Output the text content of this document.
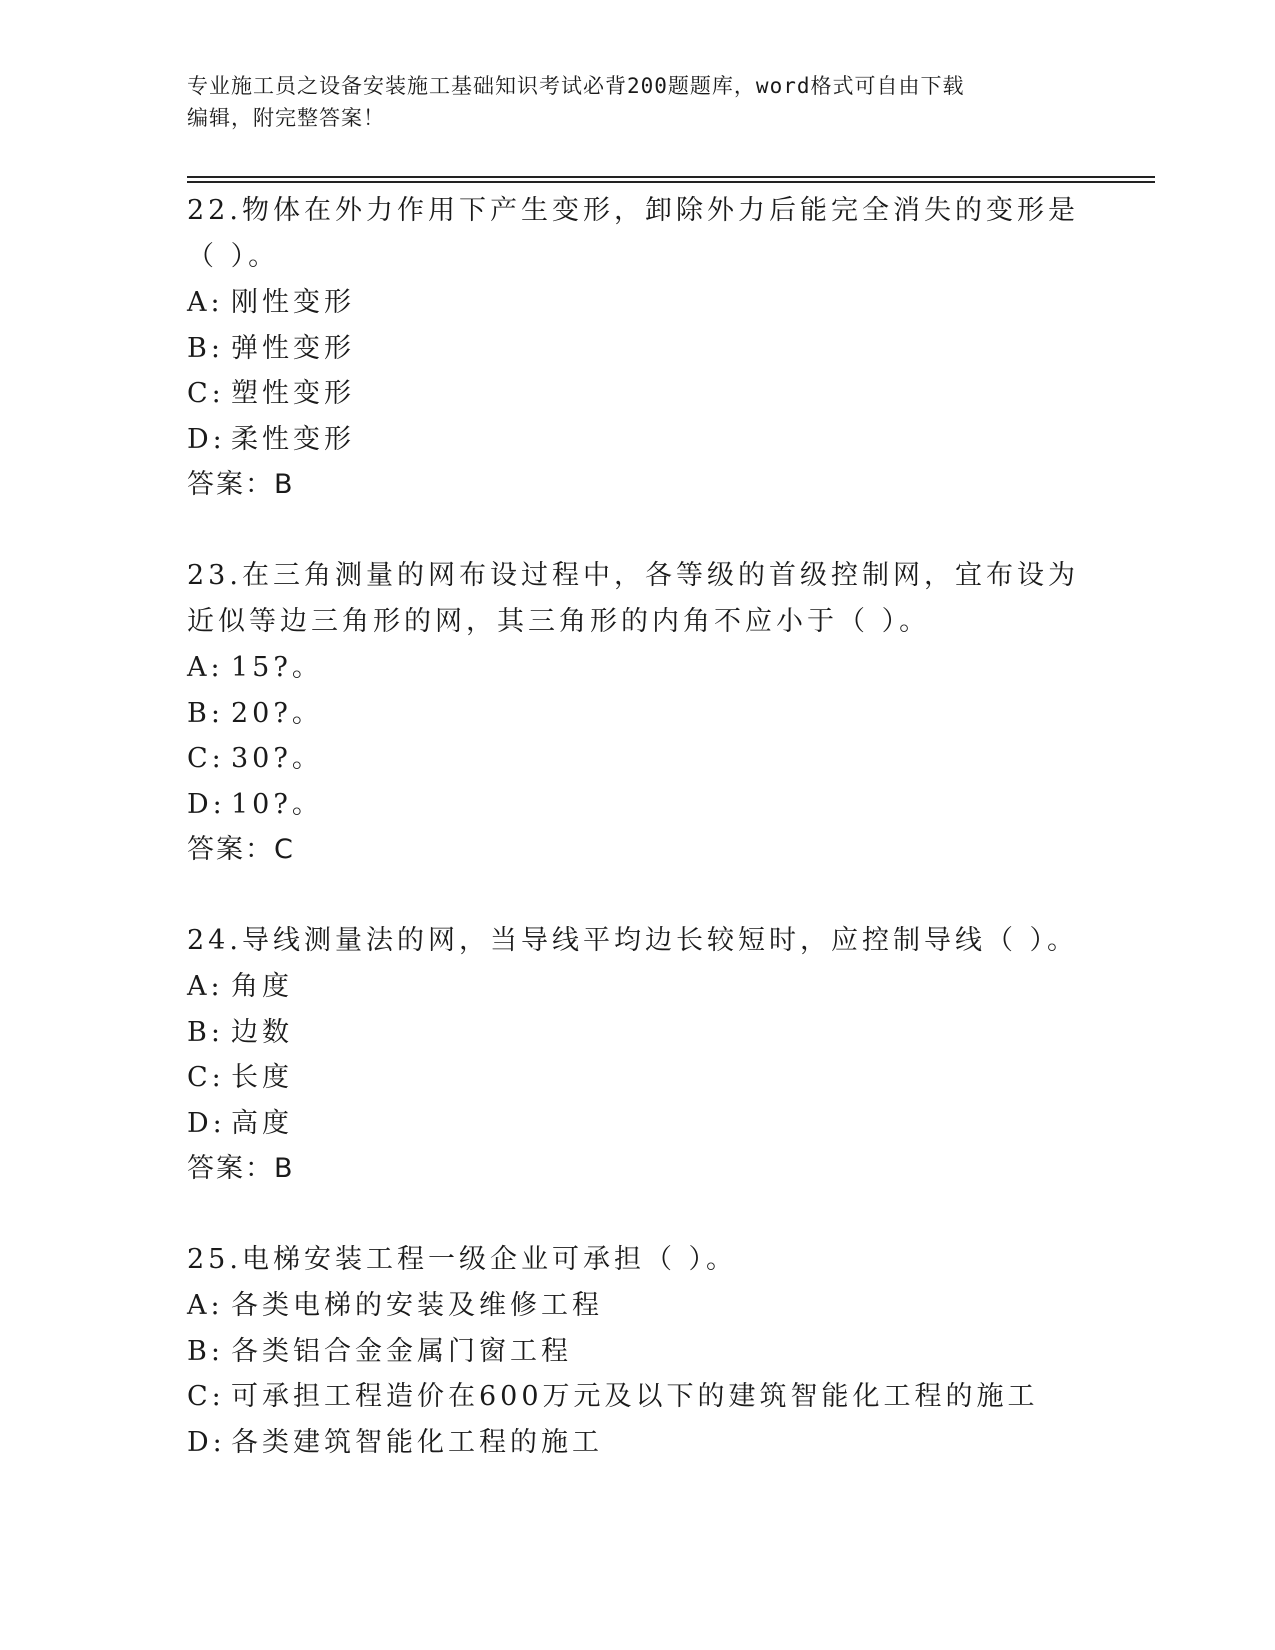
专业施工员之设备安装施工基础知识考试必背200题题库，word格式可自由下载
编辑，附完整答案！

22.物体在外力作用下产生变形，卸除外力后能完全消失的变形是（ ）。

A: 刚性变形

B: 弹性变形

C: 塑性变形

D: 柔性变形

答案：B

23.在三角测量的网布设过程中，各等级的首级控制网，宜布设为近似等边三角形的网，其三角形的内角不应小于（ ）。

A: 15?。

B: 20?。

C: 30?。

D: 10?。

答案：C

24.导线测量法的网，当导线平均边长较短时，应控制导线（ ）。

A: 角度

B: 边数

C: 长度

D: 高度

答案：B

25.电梯安装工程一级企业可承担（ ）。

A: 各类电梯的安装及维修工程

B: 各类铝合金金属门窗工程

C: 可承担工程造价在600万元及以下的建筑智能化工程的施工

D: 各类建筑智能化工程的施工
